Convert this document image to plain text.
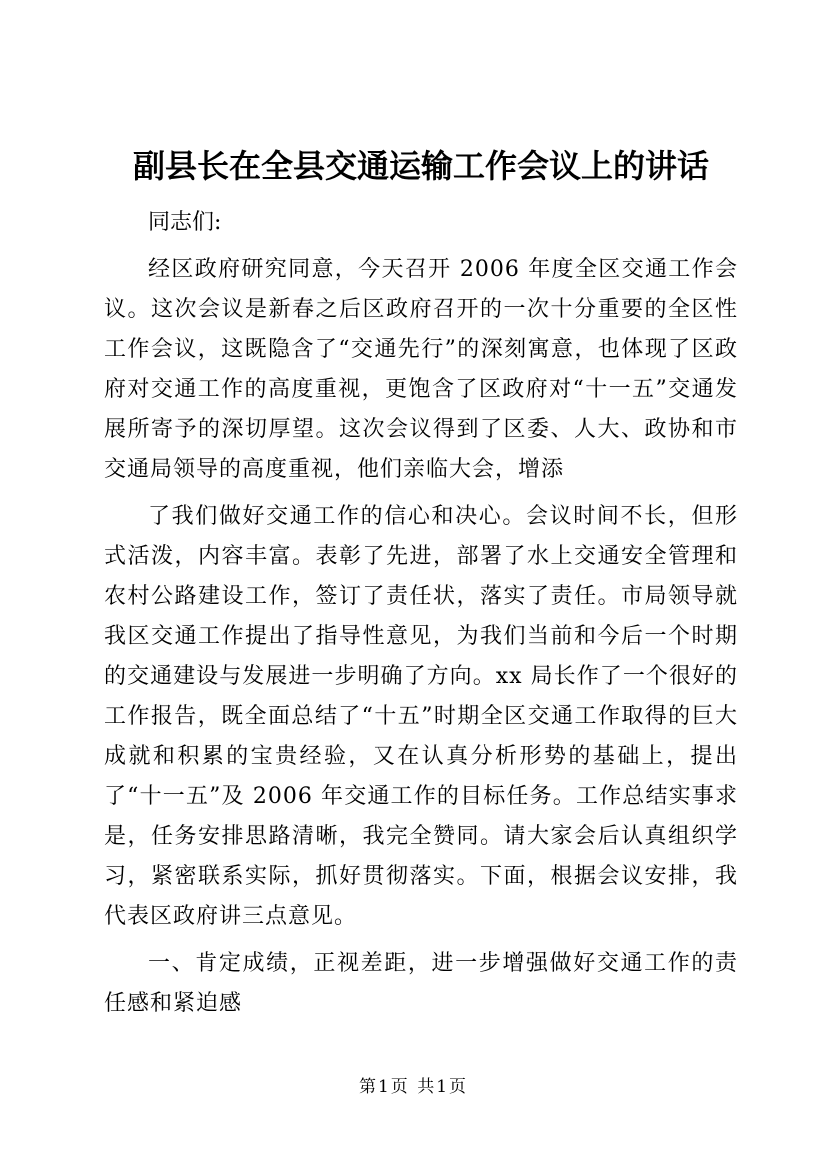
副县长在全县交通运输工作会议上的讲话

同志们:

经区政府研究同意，今天召开 2006 年度全区交通工作会议。这次会议是新春之后区政府召开的一次十分重要的全区性工作会议，这既隐含了“交通先行”的深刻寓意，也体现了区政府对交通工作的高度重视，更饱含了区政府对“十一五”交通发展所寄予的深切厚望。这次会议得到了区委、人大、政协和市交通局领导的高度重视，他们亲临大会，增添

了我们做好交通工作的信心和决心。会议时间不长，但形式活泼，内容丰富。表彰了先进，部署了水上交通安全管理和农村公路建设工作，签订了责任状，落实了责任。市局领导就我区交通工作提出了指导性意见，为我们当前和今后一个时期的交通建设与发展进一步明确了方向。xx 局长作了一个很好的工作报告，既全面总结了“十五”时期全区交通工作取得的巨大成就和积累的宝贵经验，又在认真分析形势的基础上，提出了“十一五”及 2006 年交通工作的目标任务。工作总结实事求是，任务安排思路清晰，我完全赞同。请大家会后认真组织学习，紧密联系实际，抓好贯彻落实。下面，根据会议安排，我代表区政府讲三点意见。

一、肯定成绩，正视差距，进一步增强做好交通工作的责任感和紧迫感

第1页 共1页
